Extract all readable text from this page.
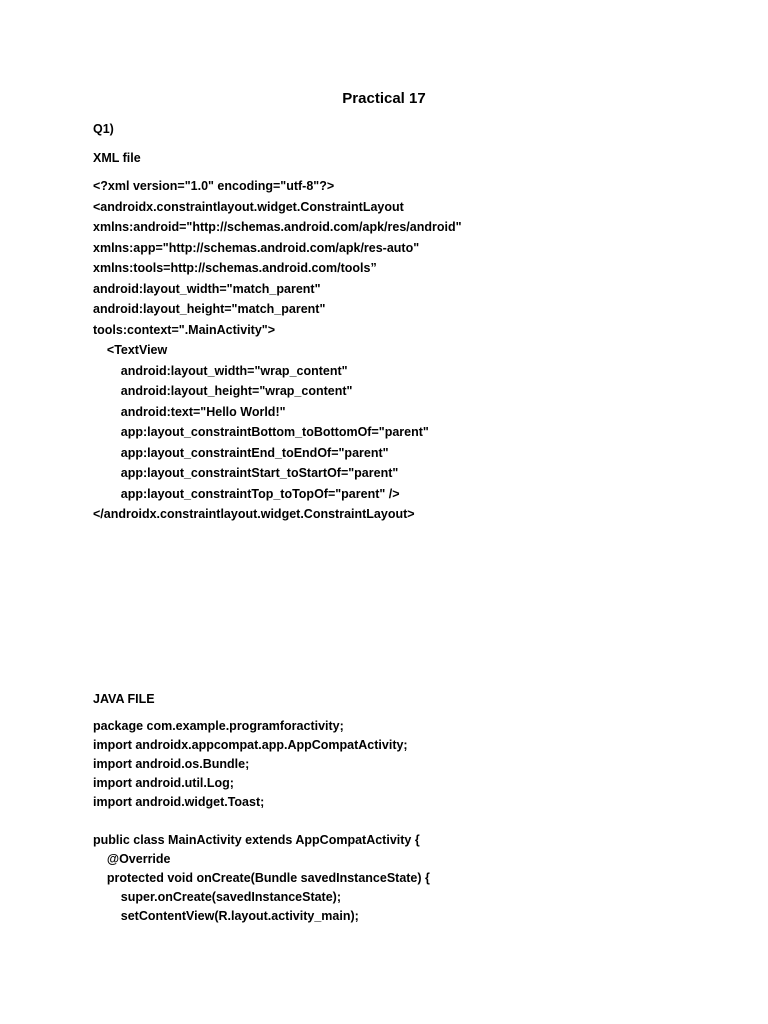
Practical 17
Q1)
XML file
<?xml version="1.0" encoding="utf-8"?>
<androidx.constraintlayout.widget.ConstraintLayout
xmlns:android="http://schemas.android.com/apk/res/android"
xmlns:app="http://schemas.android.com/apk/res-auto"
xmlns:tools=http://schemas.android.com/tools”
android:layout_width="match_parent"
android:layout_height="match_parent"
tools:context=".MainActivity">
<TextView
android:layout_width="wrap_content"
android:layout_height="wrap_content"
android:text="Hello World!"
app:layout_constraintBottom_toBottomOf="parent"
app:layout_constraintEnd_toEndOf="parent"
app:layout_constraintStart_toStartOf="parent"
app:layout_constraintTop_toTopOf="parent" />
</androidx.constraintlayout.widget.ConstraintLayout>
JAVA FILE
package com.example.programforactivity;
import androidx.appcompat.app.AppCompatActivity;
import android.os.Bundle;
import android.util.Log;
import android.widget.Toast;
public class MainActivity extends AppCompatActivity {
@Override
protected void onCreate(Bundle savedInstanceState) {
super.onCreate(savedInstanceState);
setContentView(R.layout.activity_main);
